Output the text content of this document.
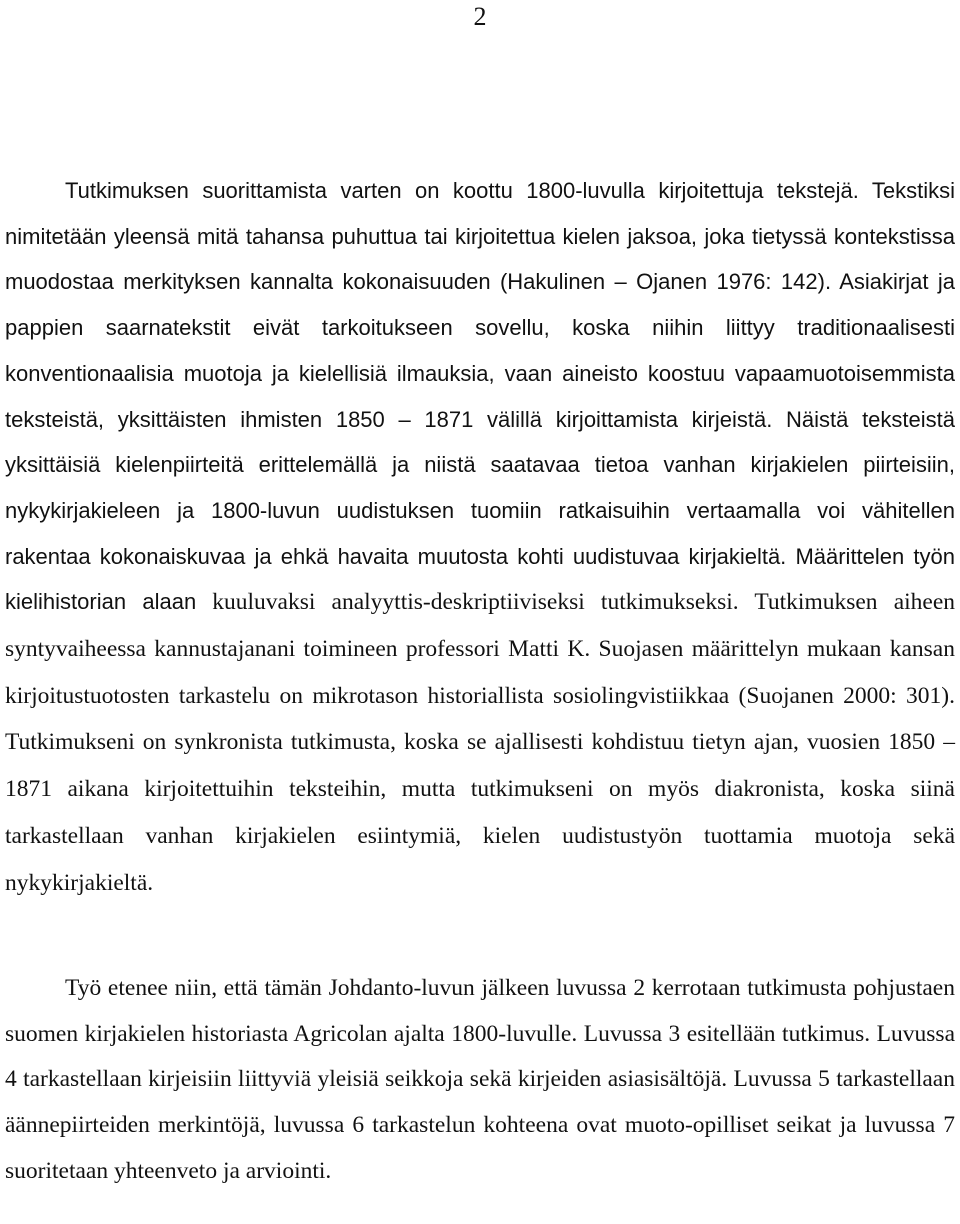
2

Tutkimuksen suorittamista varten on koottu 1800-luvulla kirjoitettuja tekstejä. Tekstiksi nimitetään yleensä mitä tahansa puhuttua tai kirjoitettua kielen jaksoa, joka tietyssä kontekstissa muodostaa merkityksen kannalta kokonaisuuden (Hakulinen – Ojanen 1976: 142). Asiakirjat ja pappien saarnatekstit eivät tarkoitukseen sovellu, koska niihin liittyy traditionaalisesti konventionaalisia muotoja ja kielellisiä ilmauksia, vaan aineisto koostuu vapaamuotoisemmista teksteistä, yksittäisten ihmisten 1850 – 1871 välillä kirjoittamista kirjeistä. Näistä teksteistä yksittäisiä kielenpiirteitä erittelemällä ja niistä saatavaa tietoa vanhan kirjakielen piirteisiin, nykykirjakieleen ja 1800-luvun uudistuksen tuomiin ratkaisuihin vertaamalla voi vähitellen rakentaa kokonaiskuvaa ja ehkä havaita muutosta kohti uudistuvaa kirjakieltä. Määrittelen työn kielihistorian alaan kuuluvaksi analyyttis-deskriptiiviseksi tutkimukseksi. Tutkimuksen aiheen syntyvaiheessa kannustajanani toimineen professori Matti K. Suojasen määrittelyn mukaan kansan kirjoitustuotosten tarkastelu on mikrotason historiallista sosiolingvistiikkaa (Suojanen 2000: 301). Tutkimukseni on synkronista tutkimusta, koska se ajallisesti kohdistuu tietyn ajan, vuosien 1850 – 1871 aikana kirjoitettuihin teksteihin, mutta tutkimukseni on myös diakronista, koska siinä tarkastellaan vanhan kirjakielen esiintymiä, kielen uudistustyön tuottamia muotoja sekä nykykirjakieltä.

Työ etenee niin, että tämän Johdanto-luvun jälkeen luvussa 2 kerrotaan tutkimusta pohjustaen suomen kirjakielen historiasta Agricolan ajalta 1800-luvulle. Luvussa 3 esitellään tutkimus. Luvussa 4 tarkastellaan kirjeisiin liittyviä yleisiä seikkoja sekä kirjeiden asiasisältöjä. Luvussa 5 tarkastellaan äännepiirteiden merkintöjä, luvussa 6 tarkastelun kohteena ovat muoto-opilliset seikat ja luvussa 7 suoritetaan yhteenveto ja arviointi.
